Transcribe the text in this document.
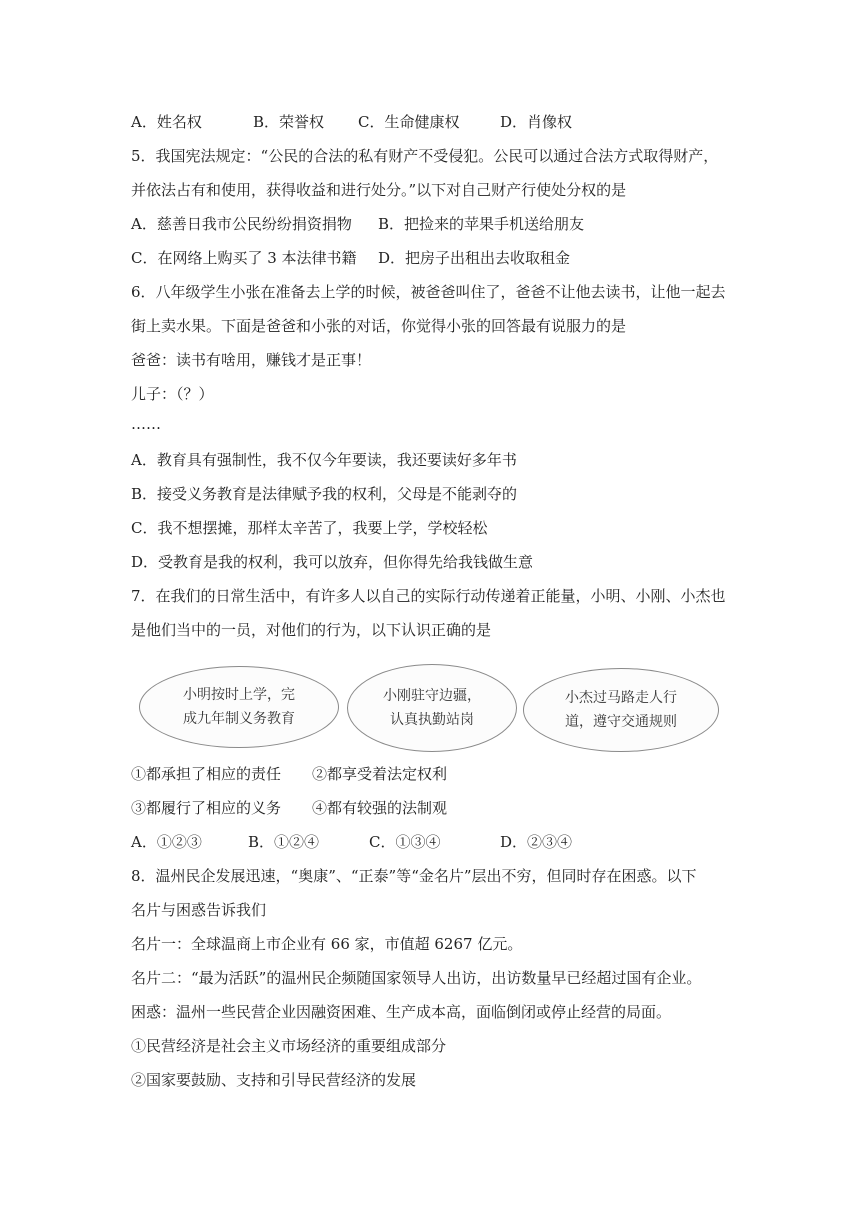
A．姓名权	B．荣誉权 C．生命健康权	D．肖像权
5．我国宪法规定：“公民的合法的私有财产不受侵犯。公民可以通过合法方式取得财产，
并依法占有和使用，获得收益和进行处分。”以下对自己财产行使处分权的是
A．慈善日我市公民纷纷捐资捐物 B．把捡来的苹果手机送给朋友
C．在网络上购买了 3 本法律书籍 D．把房子出租出去收取租金
6．八年级学生小张在准备去上学的时候，被爸爸叫住了，爸爸不让他去读书，让他一起去
街上卖水果。下面是爸爸和小张的对话，你觉得小张的回答最有说服力的是
爸爸：读书有啥用，赚钱才是正事！
儿子：（？）
……
A．教育具有强制性，我不仅今年要读，我还要读好多年书
B．接受义务教育是法律赋予我的权利，父母是不能剥夺的
C．我不想摆摊，那样太辛苦了，我要上学，学校轻松
D．受教育是我的权利，我可以放弃，但你得先给我钱做生意
7．在我们的日常生活中，有许多人以自己的实际行动传递着正能量，小明、小刚、小杰也
是他们当中的一员，对他们的行为，以下认识正确的是
小明按时上学，完
成九年制义务教育
小刚驻守边疆，
认真执勤站岗
小杰过马路走人行
道，遵守交通规则
①都承担了相应的责任 ②都享受着法定权利
③都履行了相应的义务 ④都有较强的法制观
A．①②③	B．①②④	C．①③④	D．②③④
8．温州民企发展迅速，“奥康”、“正泰”等“金名片”层出不穷，但同时存在困惑。以下
名片与困惑告诉我们
名片一：全球温商上市企业有 66 家，市值超 6267 亿元。
名片二：“最为活跃”的温州民企频随国家领导人出访，出访数量早已经超过国有企业。
困惑：温州一些民营企业因融资困难、生产成本高，面临倒闭或停止经营的局面。
①民营经济是社会主义市场经济的重要组成部分
②国家要鼓励、支持和引导民营经济的发展
